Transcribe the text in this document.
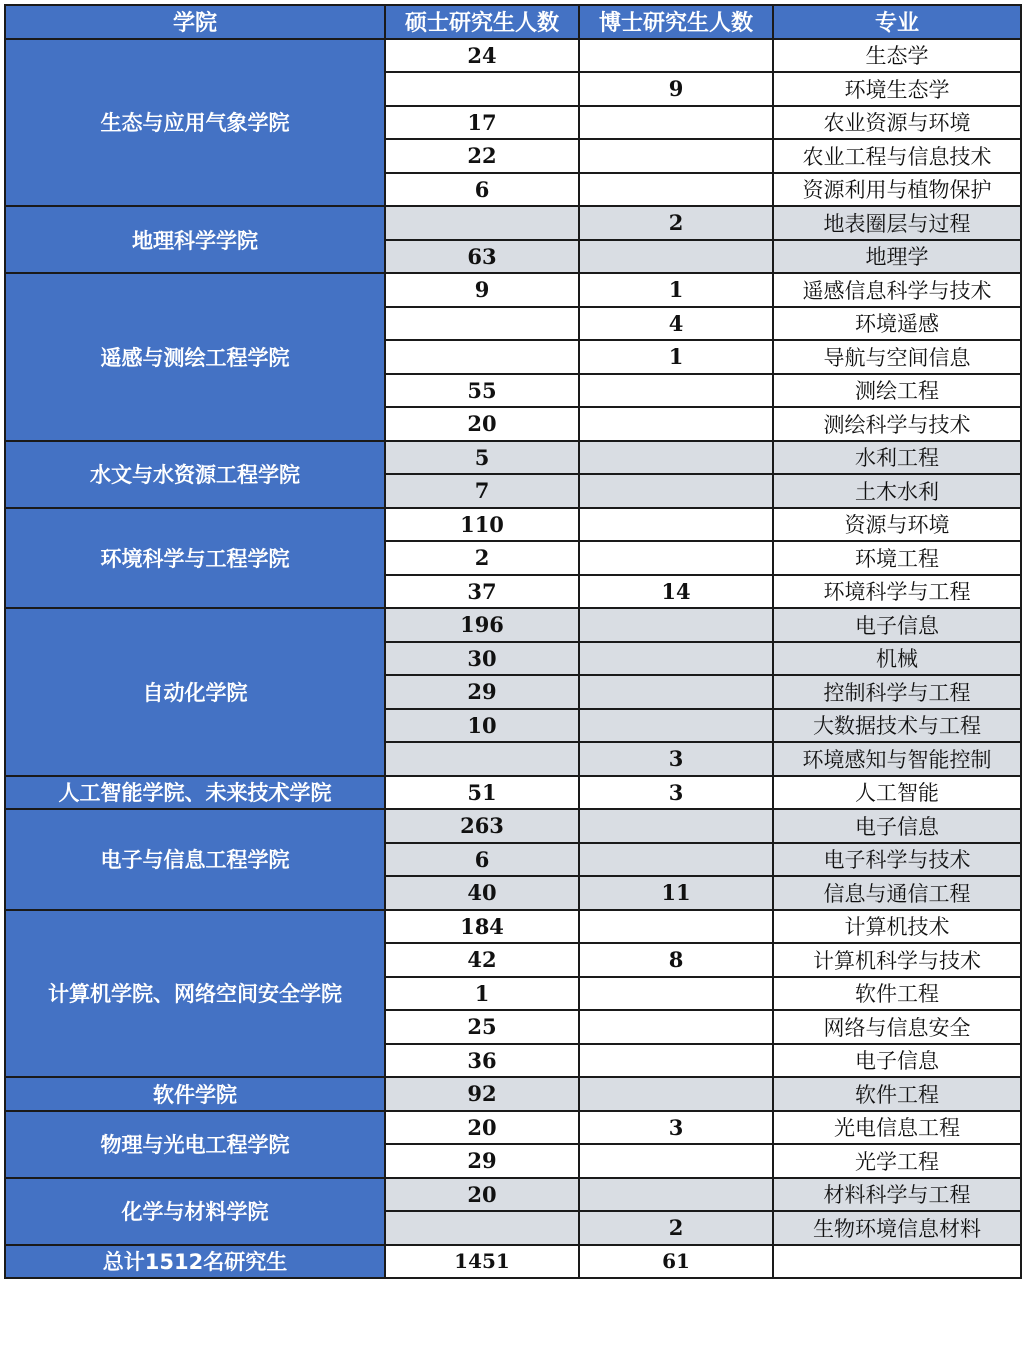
学院	硕士研究生人数	博士研究生人数	专业
生态与应用气象学院	24		生态学
		9	环境生态学
	17		农业资源与环境
	22		农业工程与信息技术
	6		资源利用与植物保护
地理科学学院		2	地表圈层与过程
	63		地理学
遥感与测绘工程学院	9	1	遥感信息科学与技术
		4	环境遥感
		1	导航与空间信息
	55		测绘工程
	20		测绘科学与技术
水文与水资源工程学院	5		水利工程
	7		土木水利
环境科学与工程学院	110		资源与环境
	2		环境工程
	37	14	环境科学与工程
自动化学院	196		电子信息
	30		机械
	29		控制科学与工程
	10		大数据技术与工程
		3	环境感知与智能控制
人工智能学院、未来技术学院	51	3	人工智能
电子与信息工程学院	263		电子信息
	6		电子科学与技术
	40	11	信息与通信工程
计算机学院、网络空间安全学院	184		计算机技术
	42	8	计算机科学与技术
	1		软件工程
	25		网络与信息安全
	36		电子信息
软件学院	92		软件工程
物理与光电工程学院	20	3	光电信息工程
	29		光学工程
化学与材料学院	20		材料科学与工程
		2	生物环境信息材料
总计1512名研究生	1451	61	
